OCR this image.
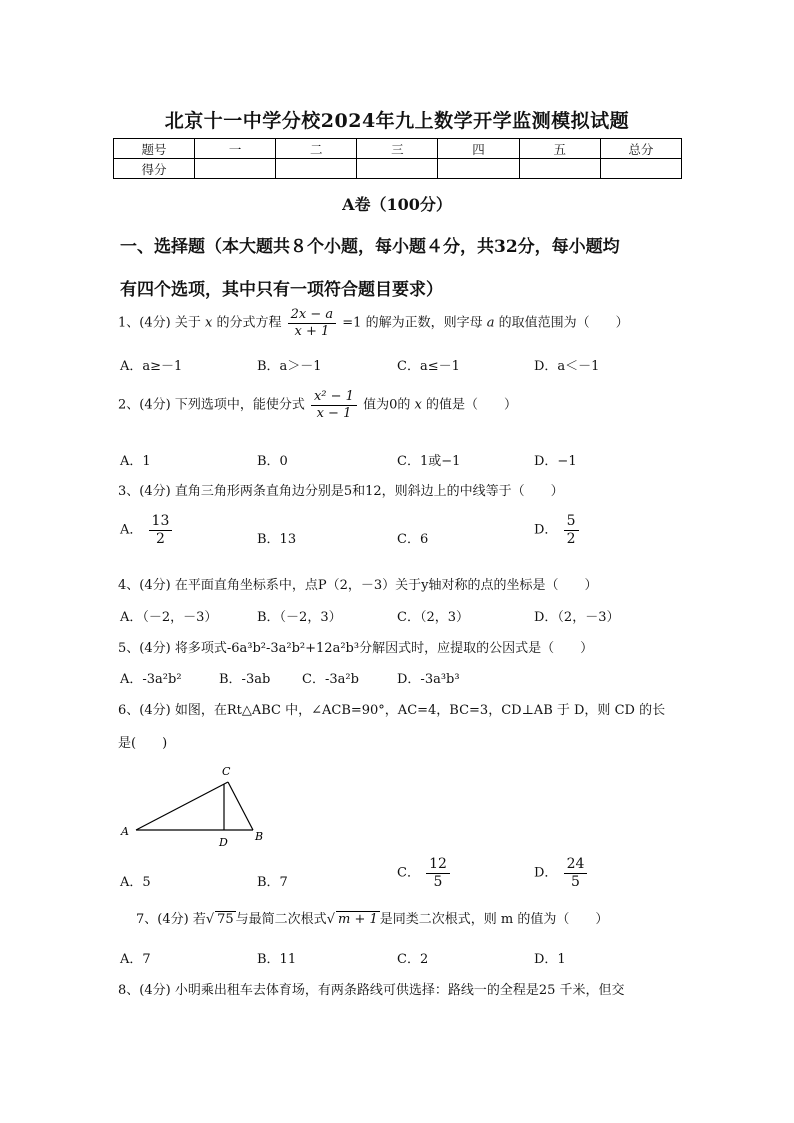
北京十一中学分校2024年九上数学开学监测模拟试题
题号	一	二	三	四	五	总分
得分						
A卷（100分）
一、选择题（本大题共８个小题，每小题４分，共32分，每小题均
有四个选项，其中只有一项符合题目要求）
1、(4分) 关于 x 的分式方程 $\frac{2x - a}{x + 1} =1$ 的解为正数，则字母 a 的取值范围为（　　）
A．a≥－1	B．a＞－1	C．a≤－1	D．a＜－1
2、(4分) 下列选项中，能使分式 $\frac{\text{x² − 1}}{x - 1}$ 值为0的 x 的值是（　　）
A．1	B．0	C．1或−1	D．−1
3、(4分) 直角三角形两条直角边分别是5和12，则斜边上的中线等于（　　）
A． $\frac{13}{2}$	B．13	C．6
D． $\frac{5}{2}$
4、(4分) 在平面直角坐标系中，点P（2，－3）关于y轴对称的点的坐标是（　　）
A．（－2，－3）	B．（－2，3）	C．（2，3）	D．（2，－3）
5、(4分) 将多项式-6a³b²-3a²b²+12a²b³分解因式时，应提取的公因式是（　　）
A．-3a²b²	B．-3ab C．-3a²b	D．-3a³b³
6、(4分) 如图，在Rt△ABC 中，∠ACB=90°，AC=4，BC=3，CD⊥AB 于 D，则 CD 的长
是(　　)
A	B
C
D
A．5	B．7
C． $\frac{12}{5}$	D． $\frac{24}{5}$
7、(4分) 若√ 75 与最简二次根式√ m + 1 是同类二次根式，则 m 的值为（　　）
A．7	B．11	C．2	D．1
8、(4分) 小明乘出租车去体育场，有两条路线可供选择：路线一的全程是25 千米，但交
